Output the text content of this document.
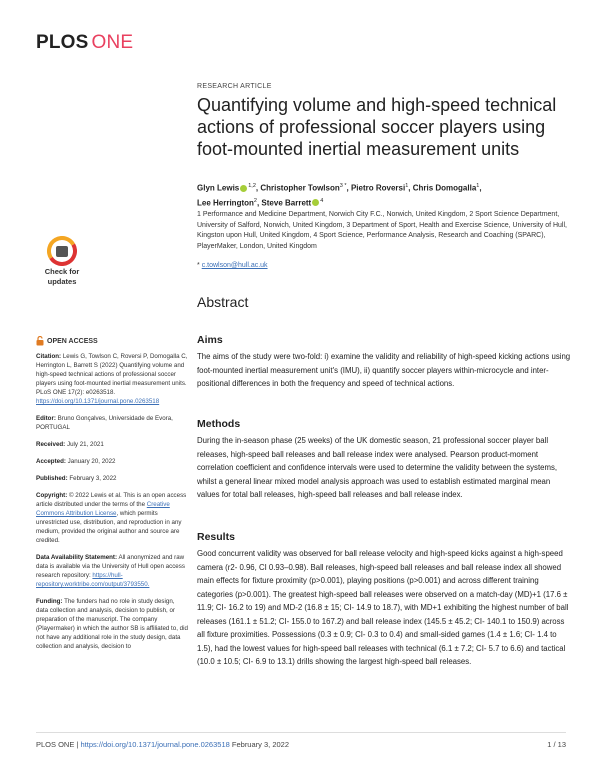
PLOS ONE
RESEARCH ARTICLE
Quantifying volume and high-speed technical actions of professional soccer players using foot-mounted inertial measurement units
Glyn Lewis $^{1,2}$, Christopher Towlson$^{3 *}$, Pietro Roversi$^1$, Chris Domogalla$^1$,
Lee Herrington$^2$, Steve Barrett $^4$
1 Performance and Medicine Department, Norwich City F.C., Norwich, United Kingdom, 2 Sport Science Department, University of Salford, Norwich, United Kingdom, 3 Department of Sport, Health and Exercise Science, University of Hull, Kingston upon Hull, United Kingdom, 4 Sport Science, Performance Analysis, Research and Coaching (SPARC), PlayerMaker, London, United Kingdom
* c.towlson@hull.ac.uk
Check for
updates
OPEN ACCESS
Citation: Lewis G, Towlson C, Roversi P, Domogalla C, Herrington L, Barrett S (2022) Quantifying volume and high-speed technical actions of professional soccer players using foot-mounted inertial measurement units. PLoS ONE 17(2): e0263518. https://doi.org/10.1371/journal.pone.0263518
Editor: Bruno Gonçalves, Universidade de Evora, PORTUGAL
Received: July 21, 2021
Accepted: January 20, 2022
Published: February 3, 2022
Copyright: © 2022 Lewis et al. This is an open access article distributed under the terms of the Creative Commons Attribution License, which permits unrestricted use, distribution, and reproduction in any medium, provided the original author and source are credited.
Data Availability Statement: All anonymized and raw data is available via the University of Hull open access research repository: https://hull-repository.worktribe.com/output/3793550.
Funding: The funders had no role in study design, data collection and analysis, decision to publish, or preparation of the manuscript. The company (Playermaker) in which the author SB is affiliated to, did not have any additional role in the study design, data collection and analysis, decision to
Abstract
Aims

The aims of the study were two-fold: i) examine the validity and reliability of high-speed kicking actions using foot-mounted inertial measurement unit's (IMU), ii) quantify soccer players within-microcycle and inter-positional differences in both the frequency and speed of technical actions.

Methods

During the in-season phase (25 weeks) of the UK domestic season, 21 professional soccer player ball releases, high-speed ball releases and ball release index were analysed. Pearson product-moment correlation coefficient and confidence intervals were used to determine the validity between the systems, whilst a general linear mixed model analysis approach was used to establish estimated marginal mean values for total ball releases, high-speed ball releases and ball release index.

Results

Good concurrent validity was observed for ball release velocity and high-speed kicks against a high-speed camera (r2- 0.96, CI 0.93–0.98). Ball releases, high-speed ball releases and ball release index all showed main effects for fixture proximity (p>0.001), playing positions (p>0.001) and across different training categories (p>0.001). The greatest high-speed ball releases were observed on a match-day (MD)+1 (17.6 ± 11.9; CI- 16.2 to 19) and MD-2 (16.8 ± 15; CI- 14.9 to 18.7), with MD+1 exhibiting the highest number of ball releases (161.1 ± 51.2; CI- 155.0 to 167.2) and ball release index (145.5 ± 45.2; CI- 140.1 to 150.9) across all fixture proximities. Possessions (0.3 ± 0.9; CI- 0.3 to 0.4) and small-sided games (1.4 ± 1.6; CI- 1.4 to 1.5), had the lowest values for high-speed ball releases with technical (6.1 ± 7.2; CI- 5.7 to 6.6) and tactical (10.0 ± 10.5; CI- 6.9 to 13.1) drills showing the largest high-speed ball releases.

PLOS ONE | https://doi.org/10.1371/journal.pone.0263518 February 3, 2022	1 / 13
